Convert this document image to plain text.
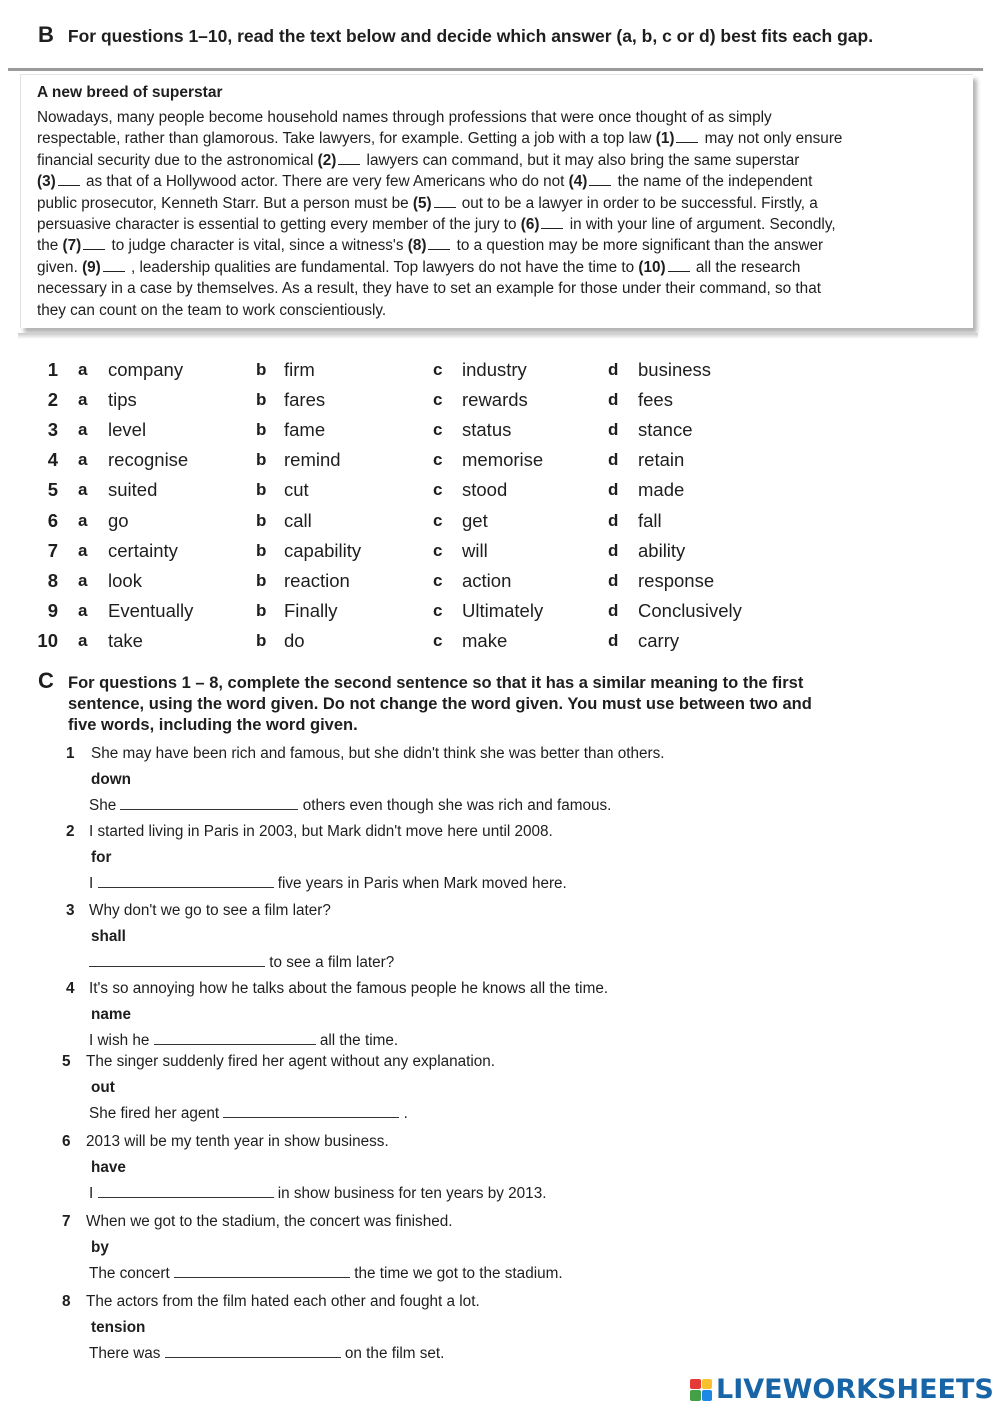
B For questions 1–10, read the text below and decide which answer (a, b, c or d) best fits each gap.
A new breed of superstar
Nowadays, many people become household names through professions that were once thought of as simply
respectable, rather than glamorous. Take lawyers, for example. Getting a job with a top law (1) may not only ensure
financial security due to the astronomical (2) lawyers can command, but it may also bring the same superstar
(3) as that of a Hollywood actor. There are very few Americans who do not (4) the name of the independent
public prosecutor, Kenneth Starr. But a person must be (5) out to be a lawyer in order to be successful. Firstly, a
persuasive character is essential to getting every member of the jury to (6) in with your line of argument. Secondly,
the (7) to judge character is vital, since a witness's (8) to a question may be more significant than the answer
given. (9) , leadership qualities are fundamental. Top lawyers do not have the time to (10) all the research
necessary in a case by themselves. As a result, they have to set an example for those under their command, so that
they can count on the team to work conscientiously.
1 a company	b firm	c industry	d business
2 a tips	b fares	c rewards	d fees
3 a level	b fame	c status	d stance
4 a recognise	b remind	c memorise	d retain
5 a suited	b cut	c stood	d made
6 a go	b call	c get	d fall
7 a certainty	b capability	c will	d ability
8 a look	b reaction	c action	d response
9 a Eventually	b Finally	c Ultimately	d Conclusively
10 a take	b do	c make	d carry
C For questions 1 – 8, complete the second sentence so that it has a similar meaning to the first sentence, using the word given. Do not change the word given. You must use between two and five words, including the word given.
1 She may have been rich and famous, but she didn't think she was better than others.
down
She	others even though she was rich and famous.
2 I started living in Paris in 2003, but Mark didn't move here until 2008.
for
I	five years in Paris when Mark moved here.
3 Why don't we go to see a film later?
shall
to see a film later?
4 It's so annoying how he talks about the famous people he knows all the time.
name
I wish he	all the time.
5 The singer suddenly fired her agent without any explanation.
out
She fired her agent	.
6 2013 will be my tenth year in show business.
have
I	in show business for ten years by 2013.
7 When we got to the stadium, the concert was finished.
by
The concert	the time we got to the stadium.
8 The actors from the film hated each other and fought a lot.
tension
There was	on the film set.
LIVEWORKSHEETS
